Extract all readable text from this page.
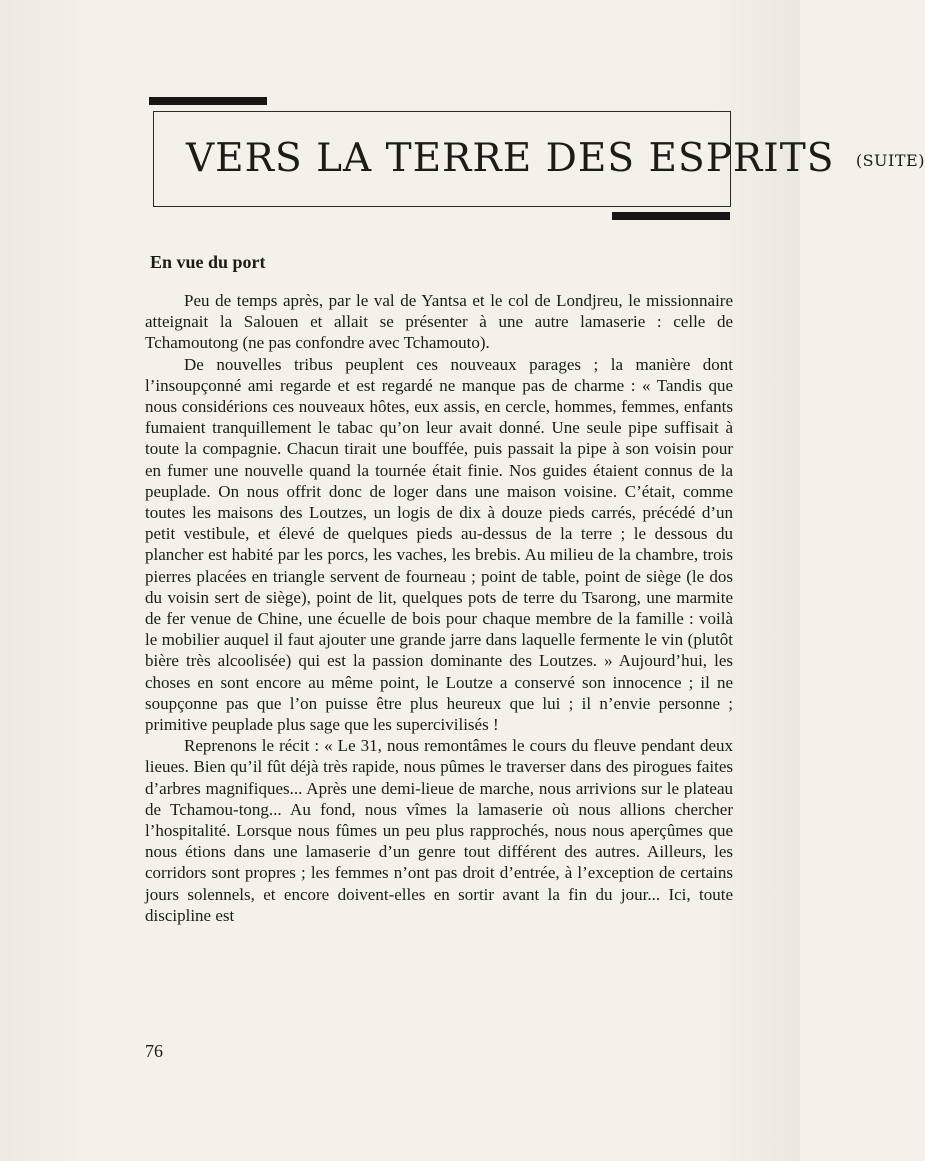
VERS LA TERRE DES ESPRITS (SUITE)
En vue du port

Peu de temps après, par le val de Yantsa et le col de Londjreu, le missionnaire atteignait la Salouen et allait se présenter à une autre lamaserie : celle de Tchamoutong (ne pas confondre avec Tchamouto).

De nouvelles tribus peuplent ces nouveaux parages ; la manière dont l’insoupçonné ami regarde et est regardé ne manque pas de charme : « Tandis que nous considérions ces nouveaux hôtes, eux assis, en cercle, hommes, femmes, enfants fumaient tranquillement le tabac qu’on leur avait donné. Une seule pipe suffisait à toute la compagnie. Chacun tirait une bouffée, puis passait la pipe à son voisin pour en fumer une nouvelle quand la tournée était finie. Nos guides étaient connus de la peuplade. On nous offrit donc de loger dans une maison voisine. C’était, comme toutes les maisons des Loutzes, un logis de dix à douze pieds carrés, précédé d’un petit vestibule, et élevé de quelques pieds au-dessus de la terre ; le dessous du plancher est habité par les porcs, les vaches, les brebis. Au milieu de la chambre, trois pierres placées en triangle servent de fourneau ; point de table, point de siège (le dos du voisin sert de siège), point de lit, quelques pots de terre du Tsarong, une marmite de fer venue de Chine, une écuelle de bois pour chaque membre de la famille : voilà le mobilier auquel il faut ajouter une grande jarre dans laquelle fermente le vin (plutôt bière très alcoolisée) qui est la passion dominante des Loutzes. » Aujourd’hui, les choses en sont encore au même point, le Loutze a conservé son innocence ; il ne soupçonne pas que l’on puisse être plus heureux que lui ; il n’envie personne ; primitive peuplade plus sage que les supercivilisés !

Reprenons le récit : « Le 31, nous remontâmes le cours du fleuve pendant deux lieues. Bien qu’il fût déjà très rapide, nous pûmes le traverser dans des pirogues faites d’arbres magnifiques... Après une demi-lieue de marche, nous arrivions sur le plateau de Tchamou-tong... Au fond, nous vîmes la lamaserie où nous allions chercher l’hospitalité. Lorsque nous fûmes un peu plus rapprochés, nous nous aperçûmes que nous étions dans une lamaserie d’un genre tout différent des autres. Ailleurs, les corridors sont propres ; les femmes n’ont pas droit d’entrée, à l’exception de certains jours solennels, et encore doivent-elles en sortir avant la fin du jour... Ici, toute discipline est

76
